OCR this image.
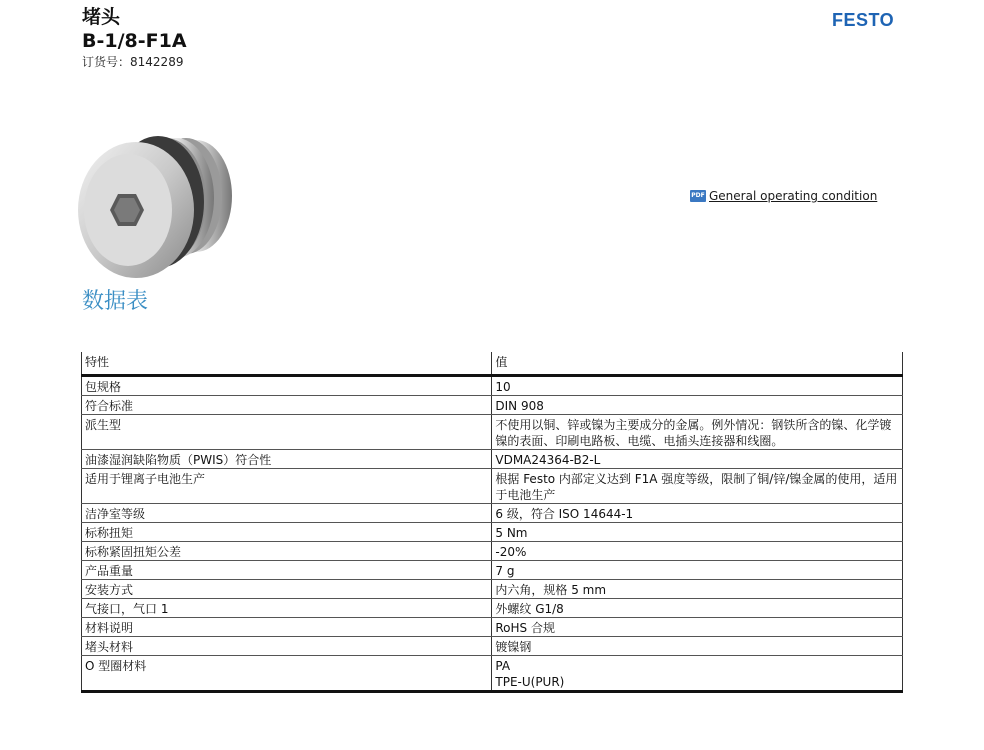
堵头
B-1/8-F1A
订货号：8142289
FESTO
PDF General operating condition
数据表
特性	值
包规格	10
符合标准	DIN 908
派生型	不使用以铜、锌或镍为主要成分的金属。例外情况：钢铁所含的镍、化学镀镍的表面、印刷电路板、电缆、电插头连接器和线圈。
油漆湿润缺陷物质（PWIS）符合性	VDMA24364-B2-L
适用于锂离子电池生产	根据 Festo 内部定义达到 F1A 强度等级，限制了铜/锌/镍金属的使用，适用于电池生产
洁净室等级	6 级，符合 ISO 14644-1
标称扭矩	5 Nm
标称紧固扭矩公差	-20%
产品重量	7 g
安装方式	内六角，规格 5 mm
气接口，气口 1	外螺纹 G1/8
材料说明	RoHS 合规
堵头材料	镀镍钢
O 型圈材料	PA
TPE-U(PUR)
